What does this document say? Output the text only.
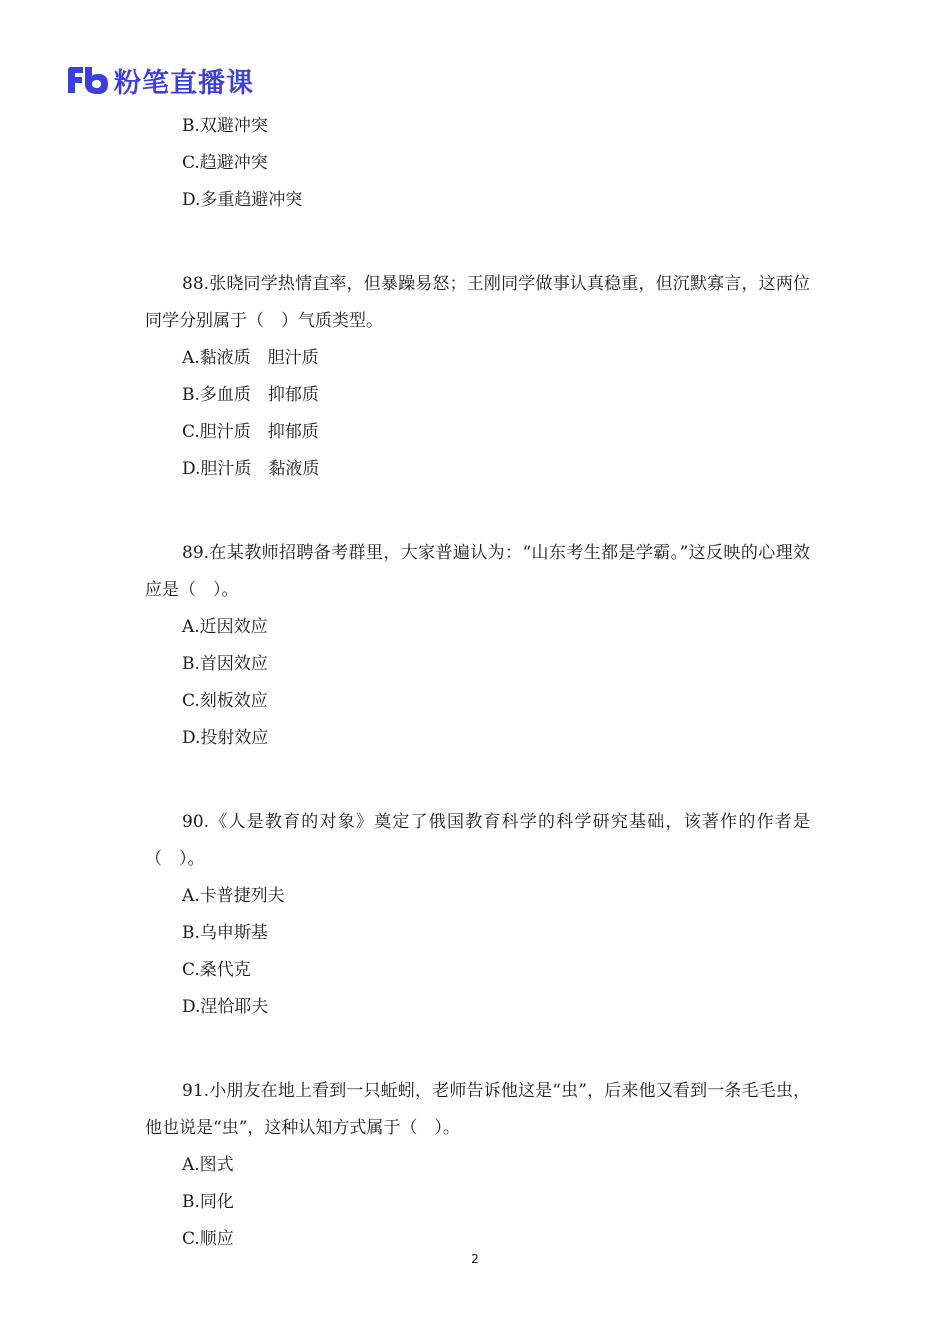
粉笔直播课
B.双避冲突
C.趋避冲突
D.多重趋避冲突

88.张晓同学热情直率，但暴躁易怒；王刚同学做事认真稳重，但沉默寡言，这两位同学分别属于（　）气质类型。

A.黏液质　胆汁质
B.多血质　抑郁质
C.胆汁质　抑郁质
D.胆汁质　黏液质

89.在某教师招聘备考群里，大家普遍认为：“山东考生都是学霸。”这反映的心理效应是（　）。

A.近因效应
B.首因效应
C.刻板效应
D.投射效应

90.《人是教育的对象》奠定了俄国教育科学的科学研究基础，该著作的作者是（　）。

A.卡普捷列夫
B.乌申斯基
C.桑代克
D.涅恰耶夫

91.小朋友在地上看到一只蚯蚓，老师告诉他这是“虫”，后来他又看到一条毛毛虫，他也说是“虫”，这种认知方式属于（　）。

A.图式
B.同化
C.顺应
2
